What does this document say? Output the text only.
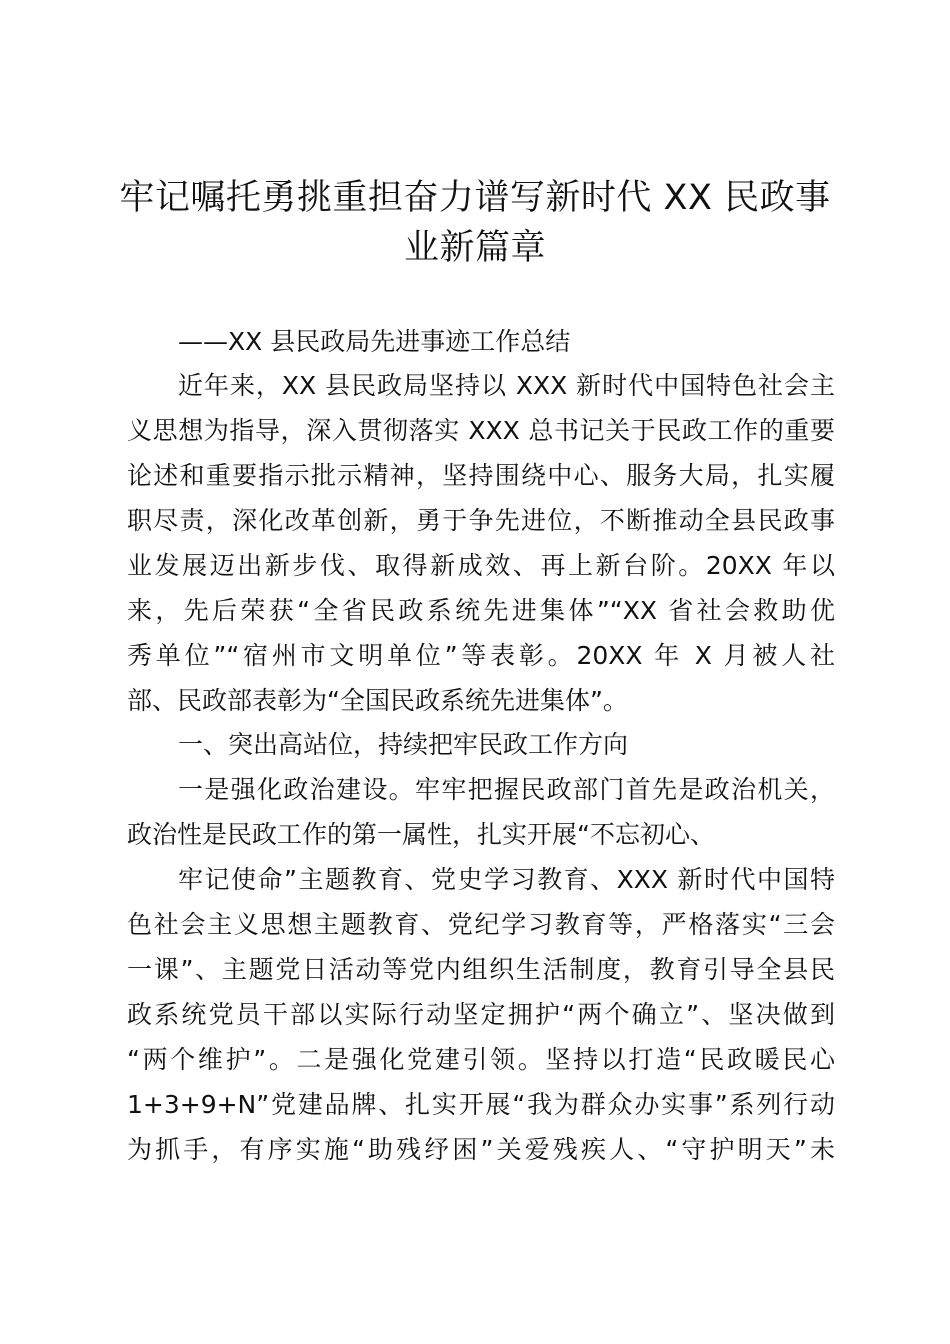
牢记嘱托勇挑重担奋力谱写新时代 XX 民政事
业新篇章

——XX 县民政局先进事迹工作总结

近年来，XX 县民政局坚持以 XXX 新时代中国特色社会主

义思想为指导，深入贯彻落实 XXX 总书记关于民政工作的重要

论述和重要指示批示精神，坚持围绕中心、服务大局，扎实履

职尽责，深化改革创新，勇于争先进位，不断推动全县民政事

业发展迈出新步伐、取得新成效、再上新台阶。20XX 年以

来，先后荣获“全省民政系统先进集体”“XX 省社会救助优

秀单位”“宿州市文明单位”等表彰。20XX 年 X 月被人社

部、民政部表彰为“全国民政系统先进集体”。

一、突出高站位，持续把牢民政工作方向

一是强化政治建设。牢牢把握民政部门首先是政治机关，

政治性是民政工作的第一属性，扎实开展“不忘初心、

牢记使命”主题教育、党史学习教育、XXX 新时代中国特

色社会主义思想主题教育、党纪学习教育等，严格落实“三会

一课”、主题党日活动等党内组织生活制度，教育引导全县民

政系统党员干部以实际行动坚定拥护“两个确立”、坚决做到

“两个维护”。二是强化党建引领。坚持以打造“民政暖民心

1+3+9+N”党建品牌、扎实开展“我为群众办实事”系列行动

为抓手，有序实施“助残纾困”关爱残疾人、“守护明天”未
